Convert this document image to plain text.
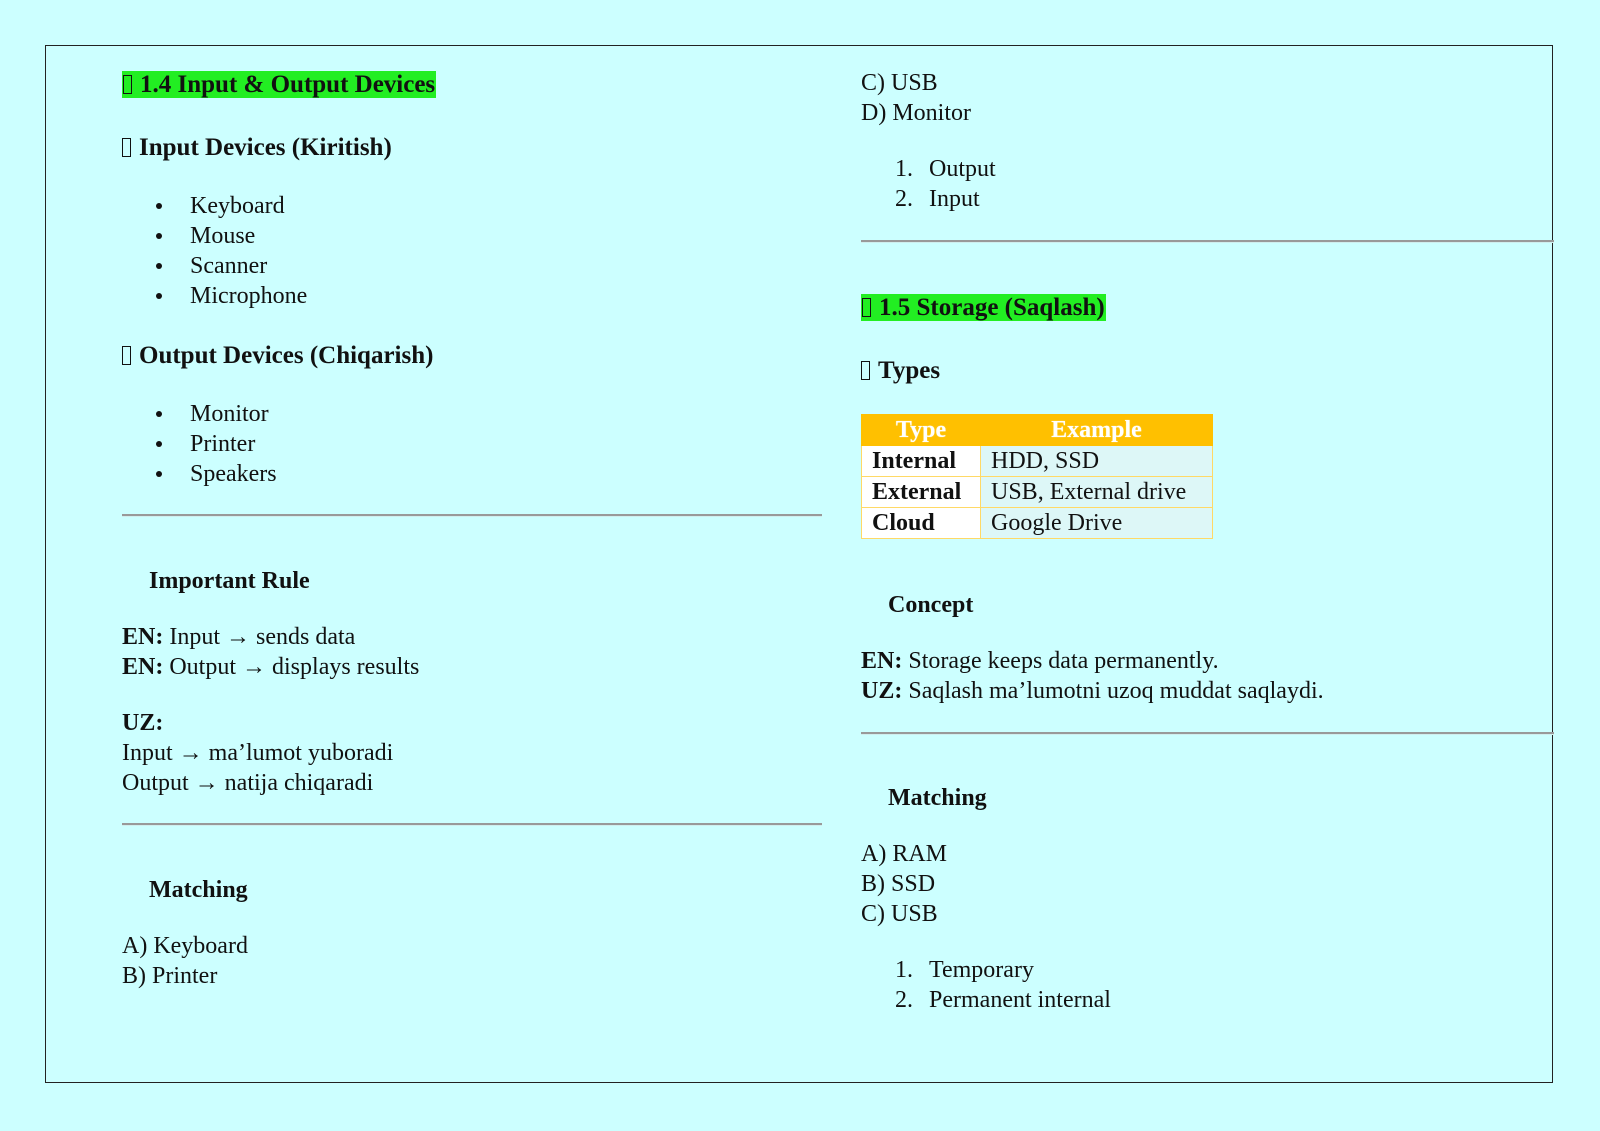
1.4 Input & Output Devices
Input Devices (Kiritish)
Keyboard
Mouse
Scanner
Microphone
Output Devices (Chiqarish)
Monitor
Printer
Speakers
Important Rule
EN: Input → sends data
EN: Output → displays results
UZ:
Input → ma’lumot yuboradi
Output → natija chiqaradi
Matching
A) Keyboard
B) Printer
C) USB
D) Monitor
1. Output
2. Input
1.5 Storage (Saqlash)
Types
Type	Example
Internal	HDD, SSD
External	USB, External drive
Cloud	Google Drive
Concept
EN: Storage keeps data permanently.
UZ: Saqlash ma’lumotni uzoq muddat saqlaydi.
Matching
A) RAM
B) SSD
C) USB
1. Temporary
2. Permanent internal
